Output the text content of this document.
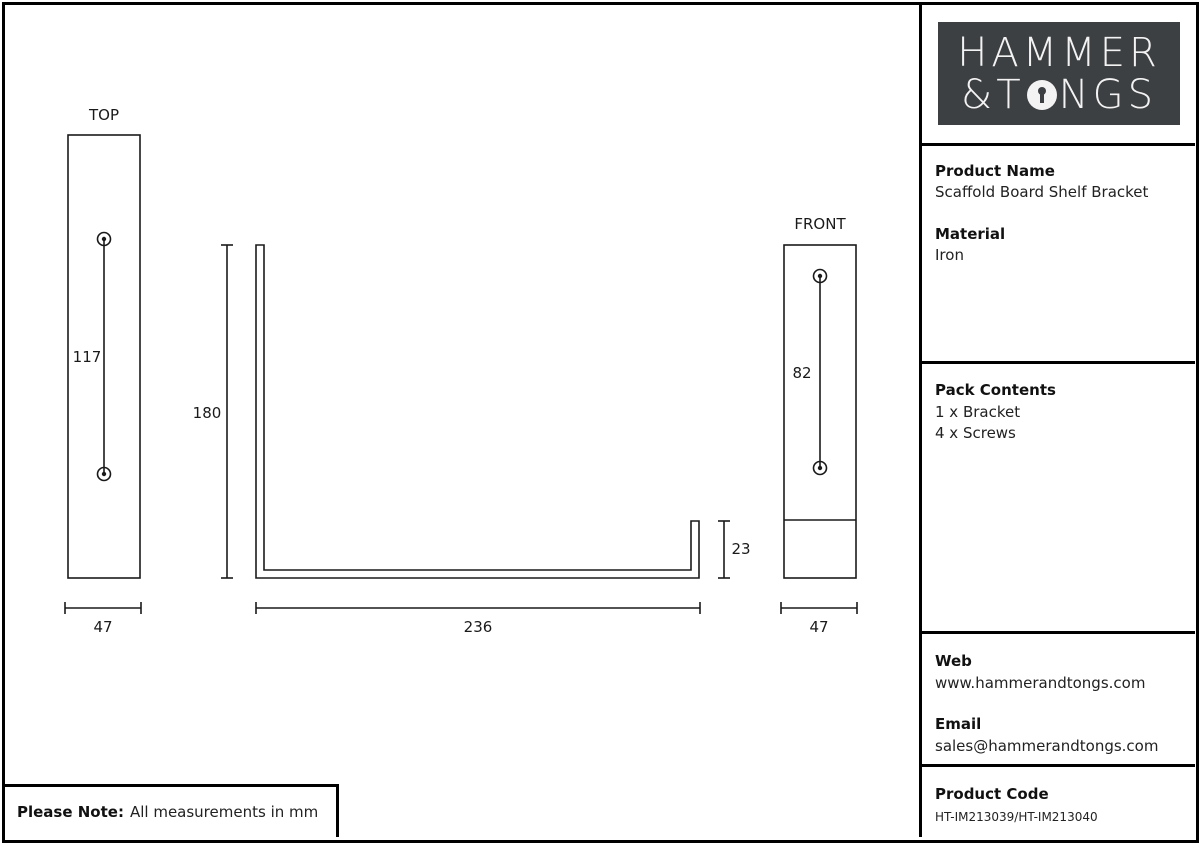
TOP
FRONT
117
47
180
236
23
82
47
Please Note: All measurements in mm
HAMMER
& T NGS
Product Name
Scaffold Board Shelf Bracket
Material
Iron
Pack Contents
1 x Bracket
4 x Screws
Web
www.hammerandtongs.com
Email
sales@hammerandtongs.com
Product Code
HT-IM213039/HT-IM213040
